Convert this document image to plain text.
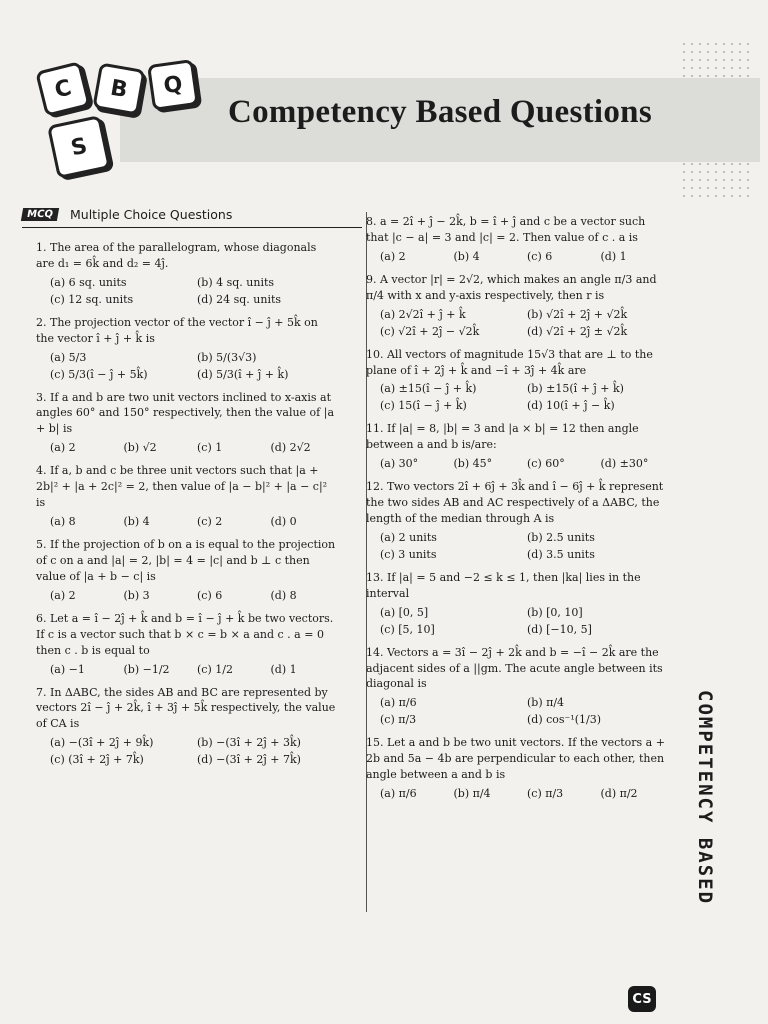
C	B	Q
S
Competency Based Questions
MCQ	Multiple Choice Questions
1. The area of the parallelogram, whose diagonals are d₁ = 6k̂ and d₂ = 4ĵ.
(a) 6 sq. units	(b) 4 sq. units
(c) 12 sq. units	(d) 24 sq. units
2. The projection vector of the vector î − ĵ + 5k̂ on the vector î + ĵ + k̂ is
(a) 5/3	(b) 5/(3√3)
(c) 5/3(î − ĵ + 5k̂)	(d) 5/3(î + ĵ + k̂)
3. If a and b are two unit vectors inclined to x-axis at angles 60° and 150° respectively, then the value of |a + b| is
(a) 2	(b) √2	(c) 1	(d) 2√2
4. If a, b and c be three unit vectors such that |a + 2b|² + |a + 2c|² = 2, then value of |a − b|² + |a − c|² is
(a) 8	(b) 4	(c) 2	(d) 0
5. If the projection of b on a is equal to the projection of c on a and |a| = 2, |b| = 4 = |c| and b ⊥ c then value of |a + b − c| is
(a) 2	(b) 3	(c) 6	(d) 8
6. Let a = î − 2ĵ + k̂ and b = î − ĵ + k̂ be two vectors. If c is a vector such that b × c = b × a and c . a = 0 then c . b is equal to
(a) −1	(b) −1/2	(c) 1/2	(d) 1
7. In ΔABC, the sides AB and BC are represented by vectors 2î − ĵ + 2k̂, î + 3ĵ + 5k̂ respectively, the value of CA is
(a) −(3î + 2ĵ + 9k̂)	(b) −(3î + 2ĵ + 3k̂)
(c) (3î + 2ĵ + 7k̂)	(d) −(3î + 2ĵ + 7k̂)
8. a = 2î + ĵ − 2k̂, b = î + ĵ and c be a vector such that |c − a| = 3 and |c| = 2. Then value of c . a is
(a) 2	(b) 4	(c) 6	(d) 1
9. A vector |r| = 2√2, which makes an angle π/3 and π/4 with x and y-axis respectively, then r is
(a) 2√2î + ĵ + k̂	(b) √2î + 2ĵ + √2k̂
(c) √2î + 2ĵ − √2k̂	(d) √2î + 2ĵ ± √2k̂
10. All vectors of magnitude 15√3 that are ⊥ to the plane of î + 2ĵ + k̂ and −î + 3ĵ + 4k̂ are
(a) ±15(î − ĵ + k̂)	(b) ±15(î + ĵ + k̂)
(c) 15(î − ĵ + k̂)	(d) 10(î + ĵ − k̂)
11. If |a| = 8, |b| = 3 and |a × b| = 12 then angle between a and b is/are:
(a) 30°	(b) 45°	(c) 60°	(d) ±30°
12. Two vectors 2î + 6ĵ + 3k̂ and î − 6ĵ + k̂ represent the two sides AB and AC respectively of a ΔABC, the length of the median through A is
(a) 2 units	(b) 2.5 units
(c) 3 units	(d) 3.5 units
13. If |a| = 5 and −2 ≤ k ≤ 1, then |ka| lies in the interval
(a) [0, 5]	(b) [0, 10]
(c) [5, 10]	(d) [−10, 5]
14. Vectors a = 3î − 2ĵ + 2k̂ and b = −î − 2k̂ are the adjacent sides of a ||gm. The acute angle between its diagonal is
(a) π/6	(b) π/4
(c) π/3	(d) cos⁻¹(1/3)
15. Let a and b be two unit vectors. If the vectors a + 2b and 5a − 4b are perpendicular to each other, then angle between a and b is
(a) π/6	(b) π/4	(c) π/3	(d) π/2	COMPETENCY BASED
CS
